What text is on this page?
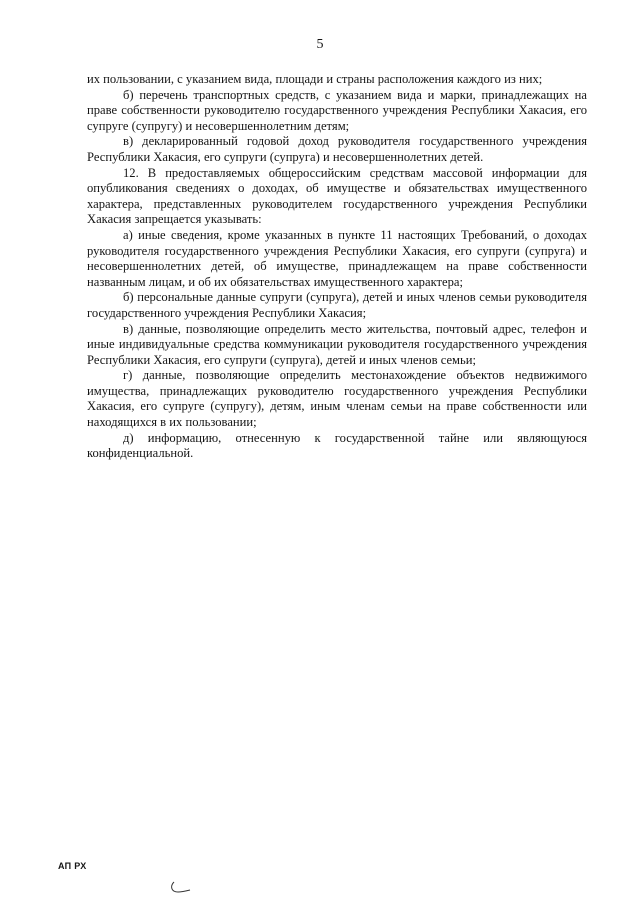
5

их пользовании, с указанием вида, площади и страны расположения каждого из них;

б) перечень транспортных средств, с указанием вида и марки, принадлежащих на праве собственности руководителю государственного учреждения Республики Хакасия, его супруге (супругу) и несовершеннолетним детям;

в) декларированный годовой доход руководителя государственного учреждения Республики Хакасия, его супруги (супруга) и несовершеннолетних детей.

12. В предоставляемых общероссийским средствам массовой информации для опубликования сведениях о доходах, об имуществе и обязательствах имущественного характера, представленных руководителем государственного учреждения Республики Хакасия запрещается указывать:

а) иные сведения, кроме указанных в пункте 11 настоящих Требований, о доходах руководителя государственного учреждения Республики Хакасия, его супруги (супруга) и несовершеннолетних детей, об имуществе, принадлежащем на праве собственности названным лицам, и об их обязательствах имущественного характера;

б) персональные данные супруги (супруга), детей и иных членов семьи руководителя государственного учреждения Республики Хакасия;

в) данные, позволяющие определить место жительства, почтовый адрес, телефон и иные индивидуальные средства коммуникации руководителя государственного учреждения Республики Хакасия, его супруги (супруга), детей и иных членов семьи;

г) данные, позволяющие определить местонахождение объектов недвижимого имущества, принадлежащих руководителю государственного учреждения Республики Хакасия, его супруге (супругу), детям, иным членам семьи на праве собственности или находящихся в их пользовании;

д) информацию, отнесенную к государственной тайне или являющуюся конфиденциальной.

АП РХ
